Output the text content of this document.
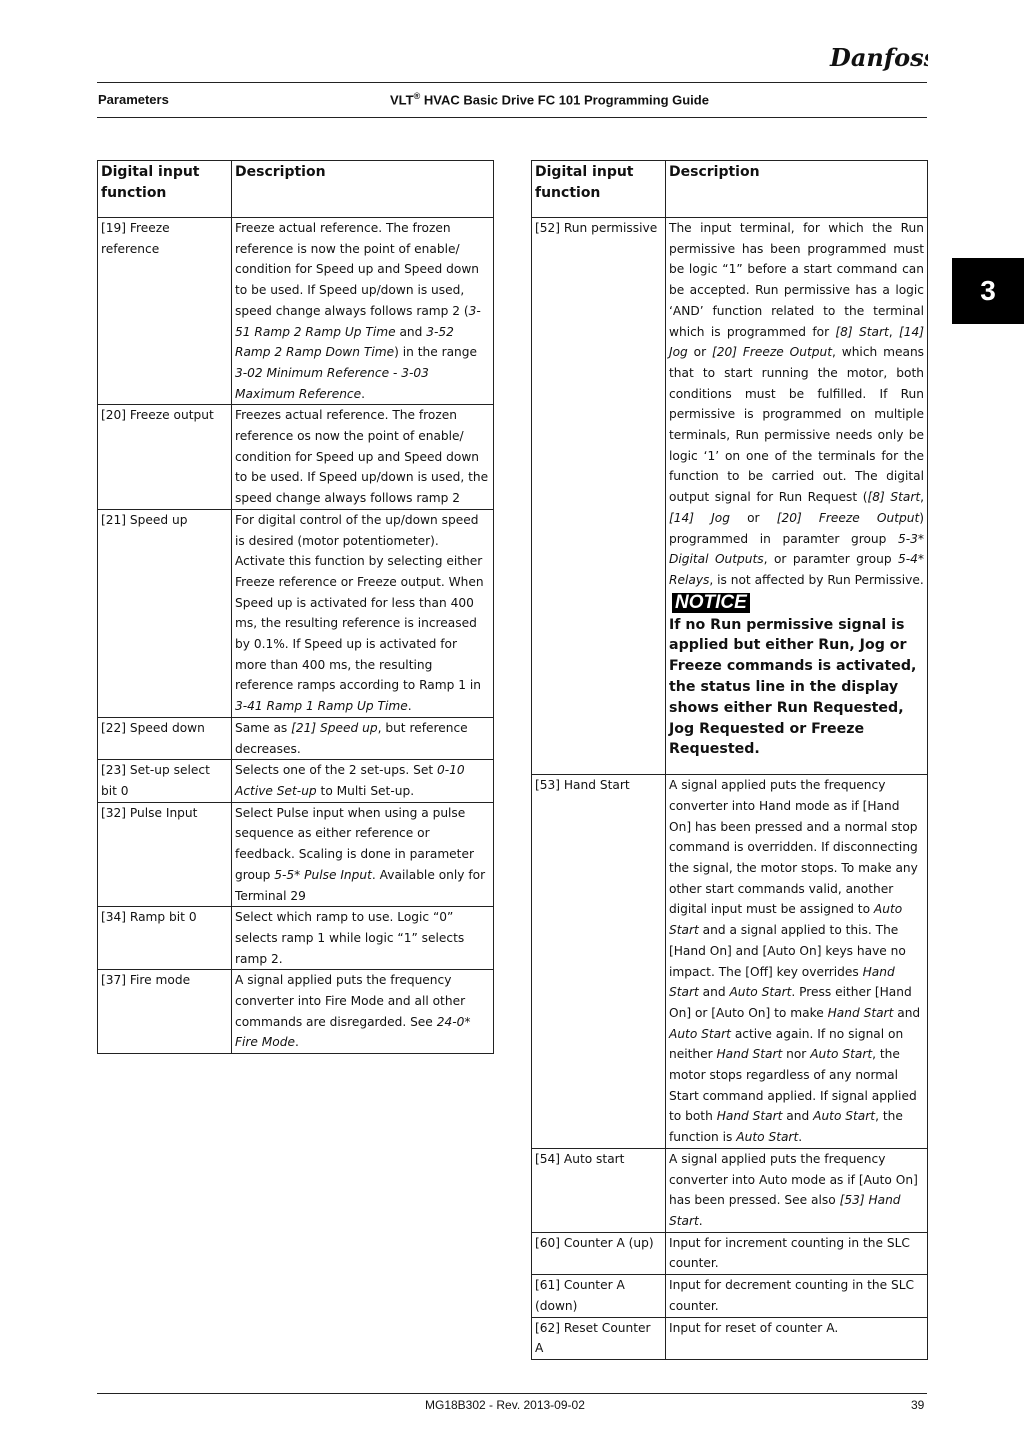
Danfoss
Parameters	VLT® HVAC Basic Drive FC 101 Programming Guide
3
Digital input function	Description
[19] Freeze reference	Freeze actual reference. The frozen reference is now the point of enable/ condition for Speed up and Speed down to be used. If Speed up/down is used, speed change always follows ramp 2 (3-51 Ramp 2 Ramp Up Time and 3-52 Ramp 2 Ramp Down Time) in the range 3-02 Minimum Reference - 3-03 Maximum Reference.
[20] Freeze output	Freezes actual reference. The frozen reference os now the point of enable/ condition for Speed up and Speed down to be used. If Speed up/down is used, the speed change always follows ramp 2
[21] Speed up	For digital control of the up/down speed is desired (motor potentiometer). Activate this function by selecting either Freeze reference or Freeze output. When Speed up is activated for less than 400 ms, the resulting reference is increased by 0.1%. If Speed up is activated for more than 400 ms, the resulting reference ramps according to Ramp 1 in 3-41 Ramp 1 Ramp Up Time.
[22] Speed down	Same as [21] Speed up, but reference decreases.
[23] Set-up select bit 0	Selects one of the 2 set-ups. Set 0-10 Active Set-up to Multi Set-up.
[32] Pulse Input	Select Pulse input when using a pulse sequence as either reference or feedback. Scaling is done in parameter group 5-5* Pulse Input. Available only for Terminal 29
[34] Ramp bit 0	Select which ramp to use. Logic “0” selects ramp 1 while logic “1” selects ramp 2.
[37] Fire mode	A signal applied puts the frequency converter into Fire Mode and all other commands are disregarded. See 24-0* Fire Mode.
Digital input function	Description
[52] Run permissive	The input terminal, for which the Run permissive has been programmed must be logic “1” before a start command can be accepted. Run permissive has a logic ‘AND’ function related to the terminal which is programmed for [8] Start, [14] Jog or [20] Freeze Output, which means that to start running the motor, both conditions must be fulfilled. If Run permissive is programmed on multiple terminals, Run permissive needs only be logic ‘1’ on one of the terminals for the function to be carried out. The digital output signal for Run Request ([8] Start, [14] Jog or [20] Freeze Output) programmed in paramter group 5-3* Digital Outputs, or paramter group 5-4* Relays, is not affected by Run Permissive.
NOTICE
If no Run permissive signal is applied but either Run, Jog or Freeze commands is activated, the status line in the display shows either Run Requested, Jog Requested or Freeze Requested.

[53] Hand Start	A signal applied puts the frequency converter into Hand mode as if [Hand On] has been pressed and a normal stop command is overridden. If disconnecting the signal, the motor stops. To make any other start commands valid, another digital input must be assigned to Auto Start and a signal applied to this. The [Hand On] and [Auto On] keys have no impact. The [Off] key overrides Hand Start and Auto Start. Press either [Hand On] or [Auto On] to make Hand Start and Auto Start active again. If no signal on neither Hand Start nor Auto Start, the motor stops regardless of any normal Start command applied. If signal applied to both Hand Start and Auto Start, the function is Auto Start.
[54] Auto start	A signal applied puts the frequency converter into Auto mode as if [Auto On] has been pressed. See also [53] Hand Start.
[60] Counter A (up)	Input for increment counting in the SLC counter.
[61] Counter A (down)	Input for decrement counting in the SLC counter.
[62] Reset Counter A	Input for reset of counter A.
MG18B302 - Rev. 2013-09-02	39
